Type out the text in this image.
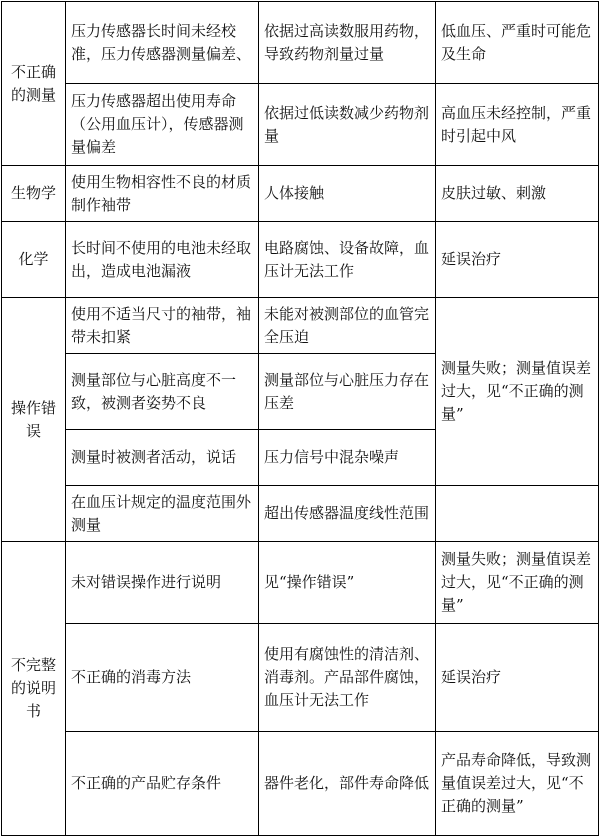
不正确的测量	压力传感器长时间未经校准，压力传感器测量偏差、	依据过高读数服用药物，导致药物剂量过量	低血压、严重时可能危及生命
	压力传感器超出使用寿命（公用血压计），传感器测量偏差	依据过低读数减少药物剂量	高血压未经控制，严重时引起中风
生物学	使用生物相容性不良的材质制作袖带	人体接触	皮肤过敏、刺激
化学	长时间不使用的电池未经取出，造成电池漏液	电路腐蚀、设备故障，血压计无法工作	延误治疗
操作错误	使用不适当尺寸的袖带，袖带未扣紧	未能对被测部位的血管完全压迫	测量失败；测量值误差过大，见“不正确的测量”
	测量部位与心脏高度不一致，被测者姿势不良	测量部位与心脏压力存在压差	
	测量时被测者活动，说话	压力信号中混杂噪声	
	在血压计规定的温度范围外测量	超出传感器温度线性范围	
不完整的说明书	未对错误操作进行说明	见“操作错误”	测量失败；测量值误差过大，见“不正确的测量”
	不正确的消毒方法	使用有腐蚀性的清洁剂、消毒剂。产品部件腐蚀，血压计无法工作	延误治疗
	不正确的产品贮存条件	器件老化，部件寿命降低	产品寿命降低，导致测量值误差过大，见“不正确的测量”
